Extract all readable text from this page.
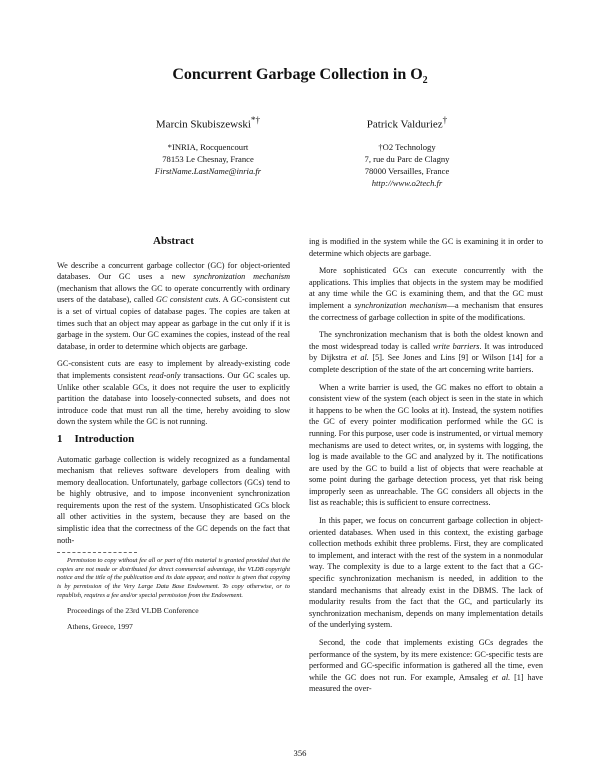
Concurrent Garbage Collection in $O_2$
Marcin Skubiszewski*†
*INRIA, Rocquencourt
78153 Le Chesnay, France
FirstName.LastName@inria.fr
Patrick Valduriez†
†O2 Technology
7, rue du Parc de Clagny
78000 Versailles, France
http://www.o2tech.fr
Abstract

We describe a concurrent garbage collector (GC) for object-oriented databases. Our GC uses a new synchronization mechanism (mechanism that allows the GC to operate concurrently with ordinary users of the database), called GC consistent cuts. A GC-consistent cut is a set of virtual copies of database pages. The copies are taken at times such that an object may appear as garbage in the cut only if it is garbage in the system. Our GC examines the copies, instead of the real database, in order to determine which objects are garbage.

GC-consistent cuts are easy to implement by already-existing code that implements consistent read-only transactions. Our GC scales up. Unlike other scalable GCs, it does not require the user to explicitly partition the database into loosely-connected subsets, and does not introduce code that must run all the time, hereby avoiding to slow down the system while the GC is not running.

1 Introduction

Automatic garbage collection is widely recognized as a fundamental mechanism that relieves software developers from dealing with memory deallocation. Unfortunately, garbage collectors (GCs) tend to be highly obtrusive, and to impose inconvenient synchronization requirements upon the rest of the system. Unsophisticated GCs block all other activities in the system, because they are based on the simplistic idea that the correctness of the GC depends on the fact that noth-

Permission to copy without fee all or part of this material is granted provided that the copies are not made or distributed for direct commercial advantage, the VLDB copyright notice and the title of the publication and its date appear, and notice is given that copying is by permission of the Very Large Data Base Endowment. To copy otherwise, or to republish, requires a fee and/or special permission from the Endowment.

Proceedings of the 23rd VLDB Conference

Athens, Greece, 1997

ing is modified in the system while the GC is examining it in order to determine which objects are garbage.

More sophisticated GCs can execute concurrently with the applications. This implies that objects in the system may be modified at any time while the GC is examining them, and that the GC must implement a synchronization mechanism—a mechanism that ensures the correctness of garbage collection in spite of the modifications.

The synchronization mechanism that is both the oldest known and the most widespread today is called write barriers. It was introduced by Dijkstra et al. [5]. See Jones and Lins [9] or Wilson [14] for a complete description of the state of the art concerning write barriers.

When a write barrier is used, the GC makes no effort to obtain a consistent view of the system (each object is seen in the state in which it happens to be when the GC looks at it). Instead, the system notifies the GC of every pointer modification performed while the GC is running. For this purpose, user code is instrumented, or virtual memory mechanisms are used to detect writes, or, in systems with logging, the log is made available to the GC and analyzed by it. The notifications are used by the GC to build a list of objects that were reachable at some point during the garbage detection process, yet that risk being improperly seen as unreachable. The GC considers all objects in the list as reachable; this is sufficient to ensure correctness.

In this paper, we focus on concurrent garbage collection in object-oriented databases. When used in this context, the existing garbage collection methods exhibit three problems. First, they are complicated to implement, and interact with the rest of the system in a nonmodular way. The complexity is due to a large extent to the fact that a GC-specific synchronization mechanism is needed, in addition to the standard mechanisms that already exist in the DBMS. The lack of modularity results from the fact that the GC, and particularly its synchronization mechanism, depends on many implementation details of the underlying system.

Second, the code that implements existing GCs degrades the performance of the system, by its mere existence: GC-specific tests are performed and GC-specific information is gathered all the time, even while the GC does not run. For example, Amsaleg et al. [1] have measured the over-

356
